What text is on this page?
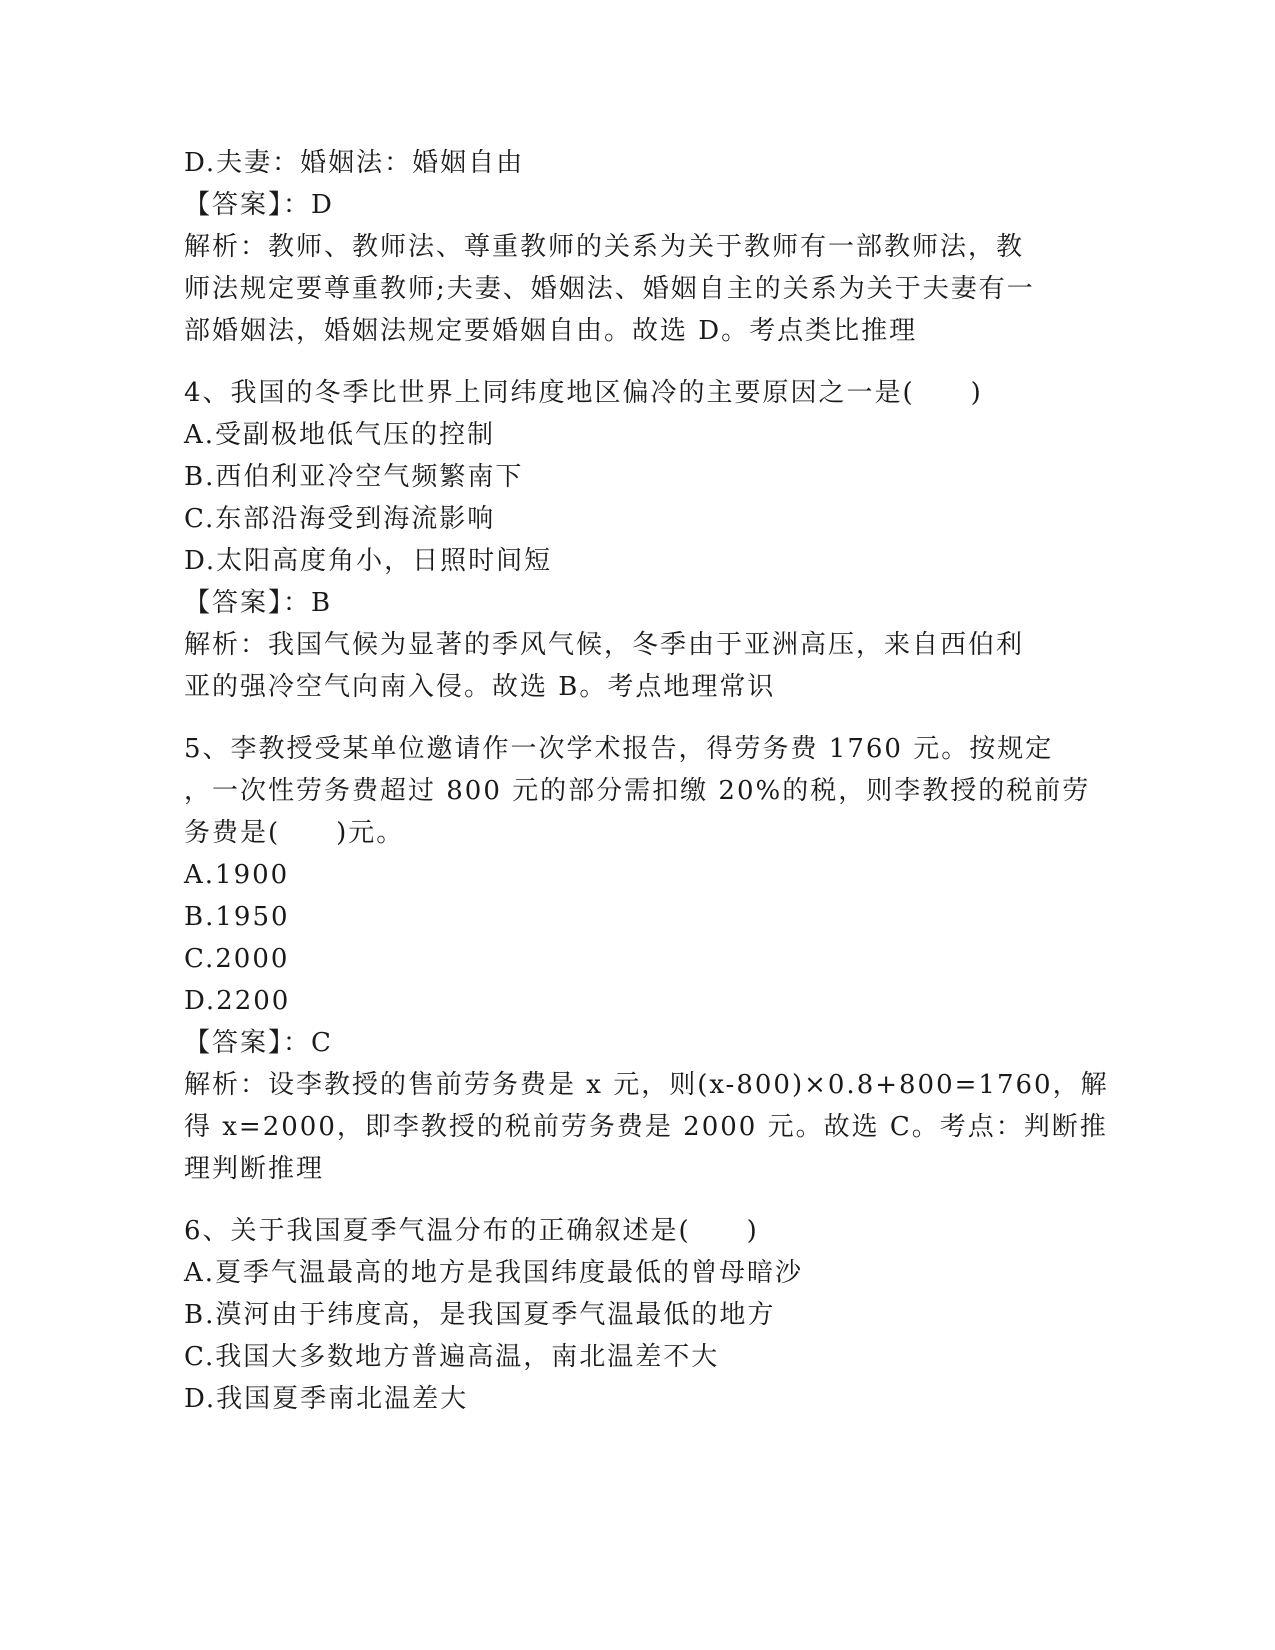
D.夫妻：婚姻法：婚姻自由
【答案】：D
解析：教师、教师法、尊重教师的关系为关于教师有一部教师法，教
师法规定要尊重教师;夫妻、婚姻法、婚姻自主的关系为关于夫妻有一
部婚姻法，婚姻法规定要婚姻自由。故选 D。考点类比推理
4、我国的冬季比世界上同纬度地区偏冷的主要原因之一是(　　)
A.受副极地低气压的控制
B.西伯利亚冷空气频繁南下
C.东部沿海受到海流影响
D.太阳高度角小，日照时间短
【答案】：B
解析：我国气候为显著的季风气候，冬季由于亚洲高压，来自西伯利
亚的强冷空气向南入侵。故选 B。考点地理常识
5、李教授受某单位邀请作一次学术报告，得劳务费 1760 元。按规定
，一次性劳务费超过 800 元的部分需扣缴 20%的税，则李教授的税前劳
务费是(　　)元。
A.1900
B.1950
C.2000
D.2200
【答案】：C
解析：设李教授的售前劳务费是 x 元，则(x-800)×0.8+800=1760，解
得 x=2000，即李教授的税前劳务费是 2000 元。故选 C。考点：判断推
理判断推理
6、关于我国夏季气温分布的正确叙述是(　　)
A.夏季气温最高的地方是我国纬度最低的曾母暗沙
B.漠河由于纬度高，是我国夏季气温最低的地方
C.我国大多数地方普遍高温，南北温差不大
D.我国夏季南北温差大
